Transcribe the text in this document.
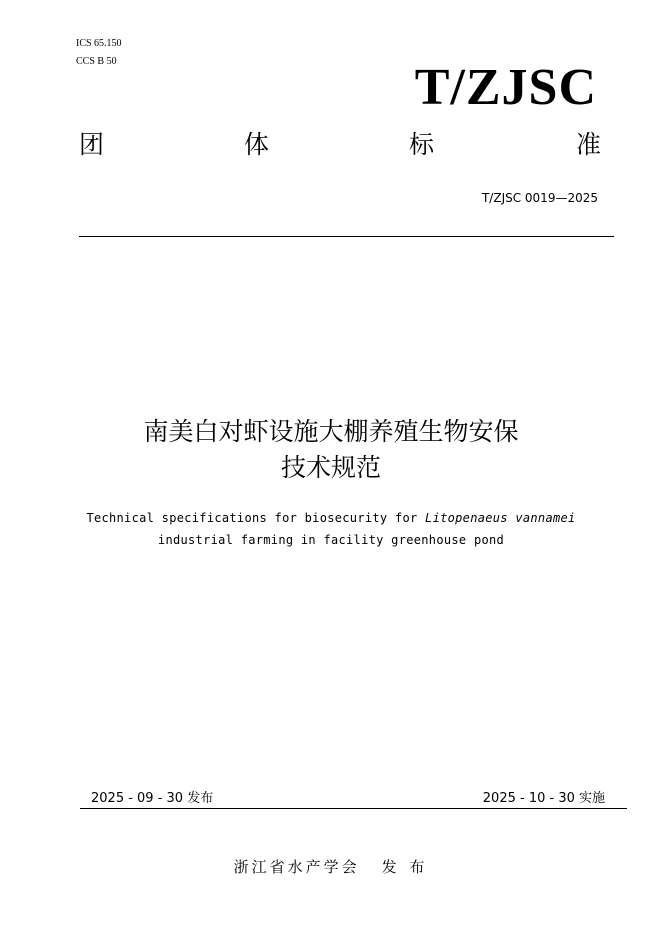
ICS 65.150
CCS B 50	T/ZJSC
团	体	标	准
T/ZJSC 0019—2025
南美白对虾设施大棚养殖生物安保
技术规范
Technical specifications for biosecurity for Litopenaeus vannamei
industrial farming in facility greenhouse pond
2025 - 09 - 30 发布	2025 - 10 - 30 实施
浙江省水产学会 发 布
